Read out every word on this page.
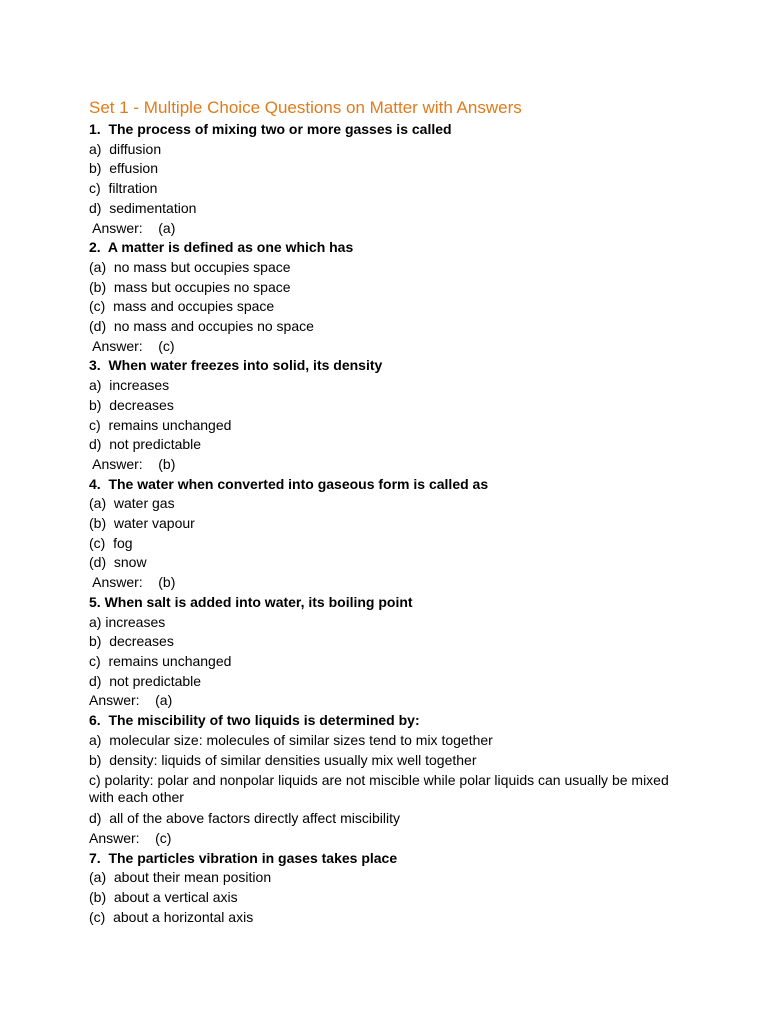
Set 1 - Multiple Choice Questions on Matter with Answers
1.  The process of mixing two or more gasses is called
a)  diffusion
b)  effusion
c)  filtration
d)  sedimentation
Answer:    (a)
2.  A matter is defined as one which has
(a)  no mass but occupies space
(b)  mass but occupies no space
(c)  mass and occupies space
(d)  no mass and occupies no space
Answer:    (c)
3.  When water freezes into solid, its density
a)  increases
b)  decreases
c)  remains unchanged
d)  not predictable
Answer:    (b)
4.  The water when converted into gaseous form is called as
(a)  water gas
(b)  water vapour
(c)  fog
(d)  snow
Answer:    (b)
5. When salt is added into water, its boiling point
a) increases
b)  decreases
c)  remains unchanged
d)  not predictable
Answer:    (a)
6.  The miscibility of two liquids is determined by:
a)  molecular size: molecules of similar sizes tend to mix together
b)  density: liquids of similar densities usually mix well together
c) polarity: polar and nonpolar liquids are not miscible while polar liquids can usually be mixed with each other
d)  all of the above factors directly affect miscibility
Answer:    (c)
7.  The particles vibration in gases takes place
(a)  about their mean position
(b)  about a vertical axis
(c)  about a horizontal axis
